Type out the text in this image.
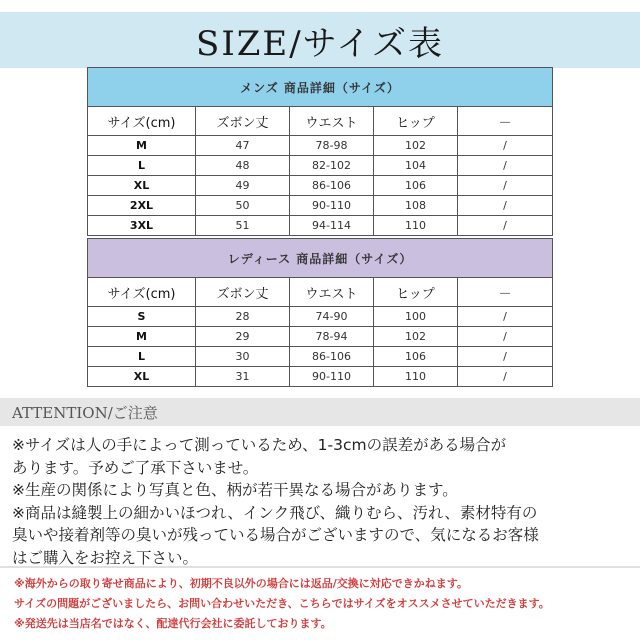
SIZE/サイズ表
メンズ 商品詳細（サイズ）				
サイズ(cm)	ズボン丈	ウエスト	ヒップ	－
M	47	78-98	102	/
L	48	82-102	104	/
XL	49	86-106	106	/
2XL	50	90-110	108	/
3XL	51	94-114	110	/
レディース 商品詳細（サイズ）				
サイズ(cm)	ズボン丈	ウエスト	ヒップ	－
S	28	74-90	100	/
M	29	78-94	102	/
L	30	86-106	106	/
XL	31	90-110	110	/
ATTENTION/ご注意

※サイズは人の手によって測っているため、1-3cmの誤差がある場合が

あります。予めご了承下さいませ。

※生産の関係により写真と色、柄が若干異なる場合があります。

※商品は縫製上の細かいほつれ、インク飛び、織りむら、汚れ、素材特有の

臭いや接着剤等の臭いが残っている場合がございますので、気になるお客様

はご購入をお控え下さい。

※海外からの取り寄せ商品により、初期不良以外の場合には返品/交換に対応できかねます。

サイズの問題がございましたら、お問い合わせいただき、こちらではサイズをオススメさせていただきます。

※発送先は当店名ではなく、配達代行会社に委託しております。
